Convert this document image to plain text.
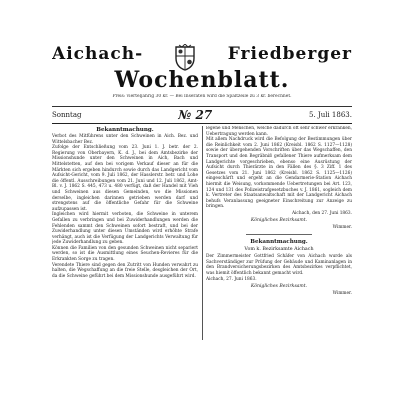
Aichach-	Friedberger
Wochenblatt.
Preis: vierteljährig 30 kr. — Bei Inseraten wird die Spaltzeile zu 3 kr. berechnet.
Sonntag	№ 27	5. Juli 1863.
Bekanntmachung.

Verbot des Mitführens unter den Schweinen in Aich. Bez. und Wittelsbacher Bez.

Zufolge der Entschließung vom 23. Juni 1. J. betr. der 2. Regierung von Oberbayern, K. d. J., bei dem Amtsbezirke der Missionshunde unter den Schweinen in Aich, Bach und Mittelstetten, auf den bei vorigem Verkauf dieser an für die Märkten sich ergeben hindurch sowie durch das Landgericht vom Aufsicht-Gericht, vom 9. Juli 1862, der Hasslerstr. betr. und Lohe die öffentl. Ausschreibungen vom 21. Juni und 12. Juli 1862, Amt-Bl. v. J. 1862 S. 445, 473 u. 480 verfügt, daß der Handel mit Vieh und Schweinen aus diesen Gemeinden, wo die Missionen derselbe, ingleichen darinnen getrieben werden darf und strengstens auf die öffentliche Gefahr für die Schweine aufzupassen ist.

Ingleichen wird hiermit verboten, die Schweine in unterem Gefallen zu verbringen und bei Zuwiderhandlungen werden die Fehlenden sammt den Schweinen sofort bestraft, und bei der Zuwiderhandlung unter diesen Umständen wird erhöhte Strafe verhängt, auch ist die Verfügung der Landgerichts Verwaltung für jede Zuwiderhandlung zu geben.

Können die Familien von den gesunden Schweinen nicht separiert werden, so ist die Ausmittlung eines Seuchen-Revieres für die Erkrankten Sorge zu tragen.

Verendete Thiere sind gegen den Zutritt von Hunden verwahrt zu halten, die Wegschaffung an die freie Stelle, desgleichen der Ort, da die Schweine geführt bei dem Missionshunde ausgeführt wird.

legene und Menschen, welche dadurch oft sehr schwer erkranken, Uebertragung werden kann.

Mit allem Nachdruck wird die Befolgung der Bestimmungen über die Reinlichkeit vom 2. Juni 1862 (Kreisbl. 1862 S. 1127—1128) sowie der übergehenden Vorschriften über das Wegschaffen, den Transport und den Begräbniß gefallener Thiere aufmerksam dem Landgerichte vorgeschrieben, ebenso eine Ausrüstung der Aufsicht durch Thierärzte in den Fällen des §. 3 Ziff. 1 des Gesetzes vom 21. Juni 1862 (Kreisbl. 1862 S. 1125—1126) eingeschärft und ergeht an die Gendarmerie-Station Aichach hiermit die Weisung, vorkommende Uebertretungen bei Art. 123, 124 und 131 des Polizeistrafgesetzbuches v. J. 1861, sogleich dem k. Vertreter des Staatsanwaltschaft mit der Landgericht Aichach behufs Veranlassung geeigneter Einschreitung zur Anzeige zu bringen.

Aichach, den 27. Juni 1863.
Königliches Bezirksamt.
Wimmer.
Bekanntmachung.
Vom k. Bezirksamte Aichach

Der Zimmermeister Gottfried Schäfer von Aichach wurde als Sachverständiger zur Prüfung der Gebäude und Kaminanlagen in den Brandversicherungsbezirken des Amtsbezirkes verpflichtet, was hiemit öffentlich bekannt gemacht wird.

Aichach, 27. Juni 1863.
Königliches Bezirksamt.
Wimmer.
